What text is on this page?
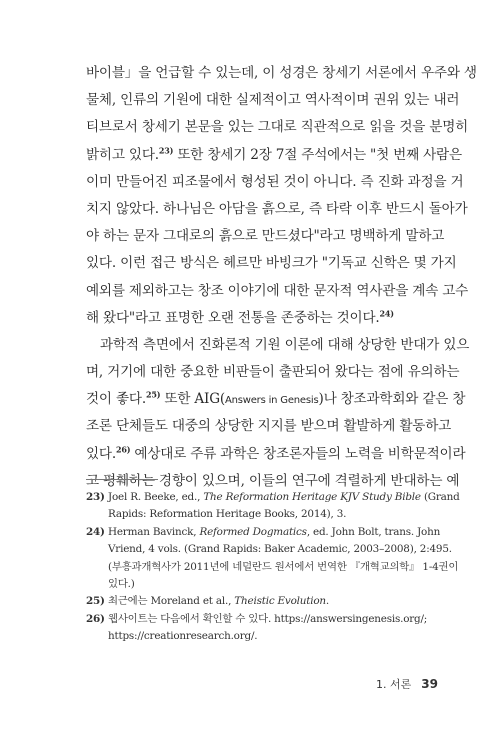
바이블」을 언급할 수 있는데, 이 성경은 창세기 서론에서 우주와 생

물체, 인류의 기원에 대한 실제적이고 역사적이며 권위 있는 내러

티브로서 창세기 본문을 있는 그대로 직관적으로 읽을 것을 분명히

밝히고 있다.$^{23)}$ 또한 창세기 2장 7절 주석에서는 "첫 번째 사람은

이미 만들어진 피조물에서 형성된 것이 아니다. 즉 진화 과정을 거

치지 않았다. 하나님은 아담을 흙으로, 즉 타락 이후 반드시 돌아가

야 하는 문자 그대로의 흙으로 만드셨다"라고 명백하게 말하고

있다. 이런 접근 방식은 헤르만 바빙크가 "기독교 신학은 몇 가지

예외를 제외하고는 창조 이야기에 대한 문자적 역사관을 계속 고수

해 왔다"라고 표명한 오랜 전통을 존중하는 것이다.$^{24)}$

과학적 측면에서 진화론적 기원 이론에 대해 상당한 반대가 있으

며, 거기에 대한 중요한 비판들이 출판되어 왔다는 점에 유의하는

것이 좋다.$^{25)}$ 또한 AIG(Answers in Genesis)나 창조과학회와 같은 창

조론 단체들도 대중의 상당한 지지를 받으며 활발하게 활동하고

있다.$^{26)}$ 예상대로 주류 과학은 창조론자들의 노력을 비학문적이라

고 평훼하는 경향이 있으며, 이들의 연구에 격렬하게 반대하는 예

23) Joel R. Beeke, ed., The Reformation Heritage KJV Study Bible (Grand
Rapids: Reformation Heritage Books, 2014), 3.
24) Herman Bavinck, Reformed Dogmatics, ed. John Bolt, trans. John
Vriend, 4 vols. (Grand Rapids: Baker Academic, 2003–2008), 2:495.
(부흥과개혁사가 2011년에 네덜란드 원서에서 번역한 『개혁교의학』 1-4권이
있다.)
25) 최근에는 Moreland et al., Theistic Evolution.
26) 웹사이트는 다음에서 확인할 수 있다. https://answersingenesis.org/;
https://creationresearch.org/.
1. 서론 39
